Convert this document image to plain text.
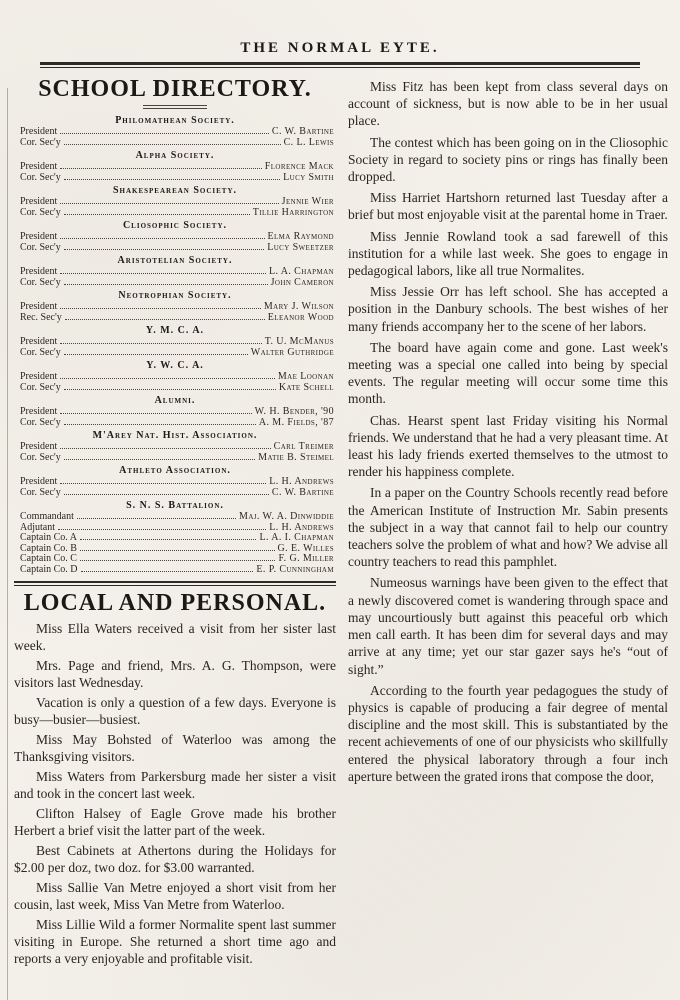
THE NORMAL EYTE.
SCHOOL DIRECTORY.
Philomathean Society.
President	C. W. Bartine
Cor. Sec'y	C. L. Lewis
Alpha Society.
President	Florence Mack
Cor. Sec'y	Lucy Smith
Shakespearean Society.
President	Jennie Wier
Cor. Sec'y	Tillie Harrington
Cliosophic Society.
President	Elma Raymond
Cor. Sec'y	Lucy Sweetzer
Aristotelian Society.
President	L. A. Chapman
Cor. Sec'y	John Cameron
Neotrophian Society.
President	Mary J. Wilson
Rec. Sec'y	Eleanor Wood
Y. M. C. A.
President	T. U. McManus
Cor. Sec'y	Walter Guthridge
Y. W. C. A.
President	Mae Loonan
Cor. Sec'y	Kate Schell
Alumni.
President	W. H. Bender, '90
Cor. Sec'y	A. M. Fields, '87
M'Arey Nat. Hist. Association.
President	Carl Treimer
Cor. Sec'y	Matie B. Steimel
Athleto Association.
President	L. H. Andrews
Cor. Sec'y	C. W. Bartine
S. N. S. Battalion.
Commandant	Maj. W. A. Dinwiddie
Adjutant	L. H. Andrews
Captain Co. A	L. A. I. Chapman
Captain Co. B	G. E. Willes
Captain Co. C	F. G. Miller
Captain Co. D	E. P. Cunningham
LOCAL AND PERSONAL.

Miss Ella Waters received a visit from her sister last week.

Mrs. Page and friend, Mrs. A. G. Thompson, were visitors last Wednesday.

Vacation is only a question of a few days. Everyone is busy—busier—busiest.

Miss May Bohsted of Waterloo was among the Thanksgiving visitors.

Miss Waters from Parkersburg made her sister a visit and took in the concert last week.

Clifton Halsey of Eagle Grove made his brother Herbert a brief visit the latter part of the week.

Best Cabinets at Athertons during the Holidays for $2.00 per doz, two doz. for $3.00 warranted.

Miss Sallie Van Metre enjoyed a short visit from her cousin, last week, Miss Van Metre from Waterloo.

Miss Lillie Wild a former Normalite spent last summer visiting in Europe. She returned a short time ago and reports a very enjoyable and profitable visit.

Miss Fitz has been kept from class several days on account of sickness, but is now able to be in her usual place.

The contest which has been going on in the Cliosophic Society in regard to society pins or rings has finally been dropped.

Miss Harriet Hartshorn returned last Tuesday after a brief but most enjoyable visit at the parental home in Traer.

Miss Jennie Rowland took a sad farewell of this institution for a while last week. She goes to engage in pedagogical labors, like all true Normalites.

Miss Jessie Orr has left school. She has accepted a position in the Danbury schools. The best wishes of her many friends accompany her to the scene of her labors.

The board have again come and gone. Last week's meeting was a special one called into being by special events. The regular meeting will occur some time this month.

Chas. Hearst spent last Friday visiting his Normal friends. We understand that he had a very pleasant time. At least his lady friends exerted themselves to the utmost to render his happiness complete.

In a paper on the Country Schools recently read before the American Institute of Instruction Mr. Sabin presents the subject in a way that cannot fail to help our country teachers solve the problem of what and how? We advise all country teachers to read this pamphlet.

Numeosus warnings have been given to the effect that a newly discovered comet is wandering through space and may uncourtiously butt against this peaceful orb which men call earth. It has been dim for several days and may arrive at any time; yet our star gazer says he's “out of sight.”

According to the fourth year pedagogues the study of physics is capable of producing a fair degree of mental discipline and the most skill. This is substantiated by the recent achievements of one of our physicists who skillfully entered the physical laboratory through a four inch aperture between the grated irons that compose the door,
